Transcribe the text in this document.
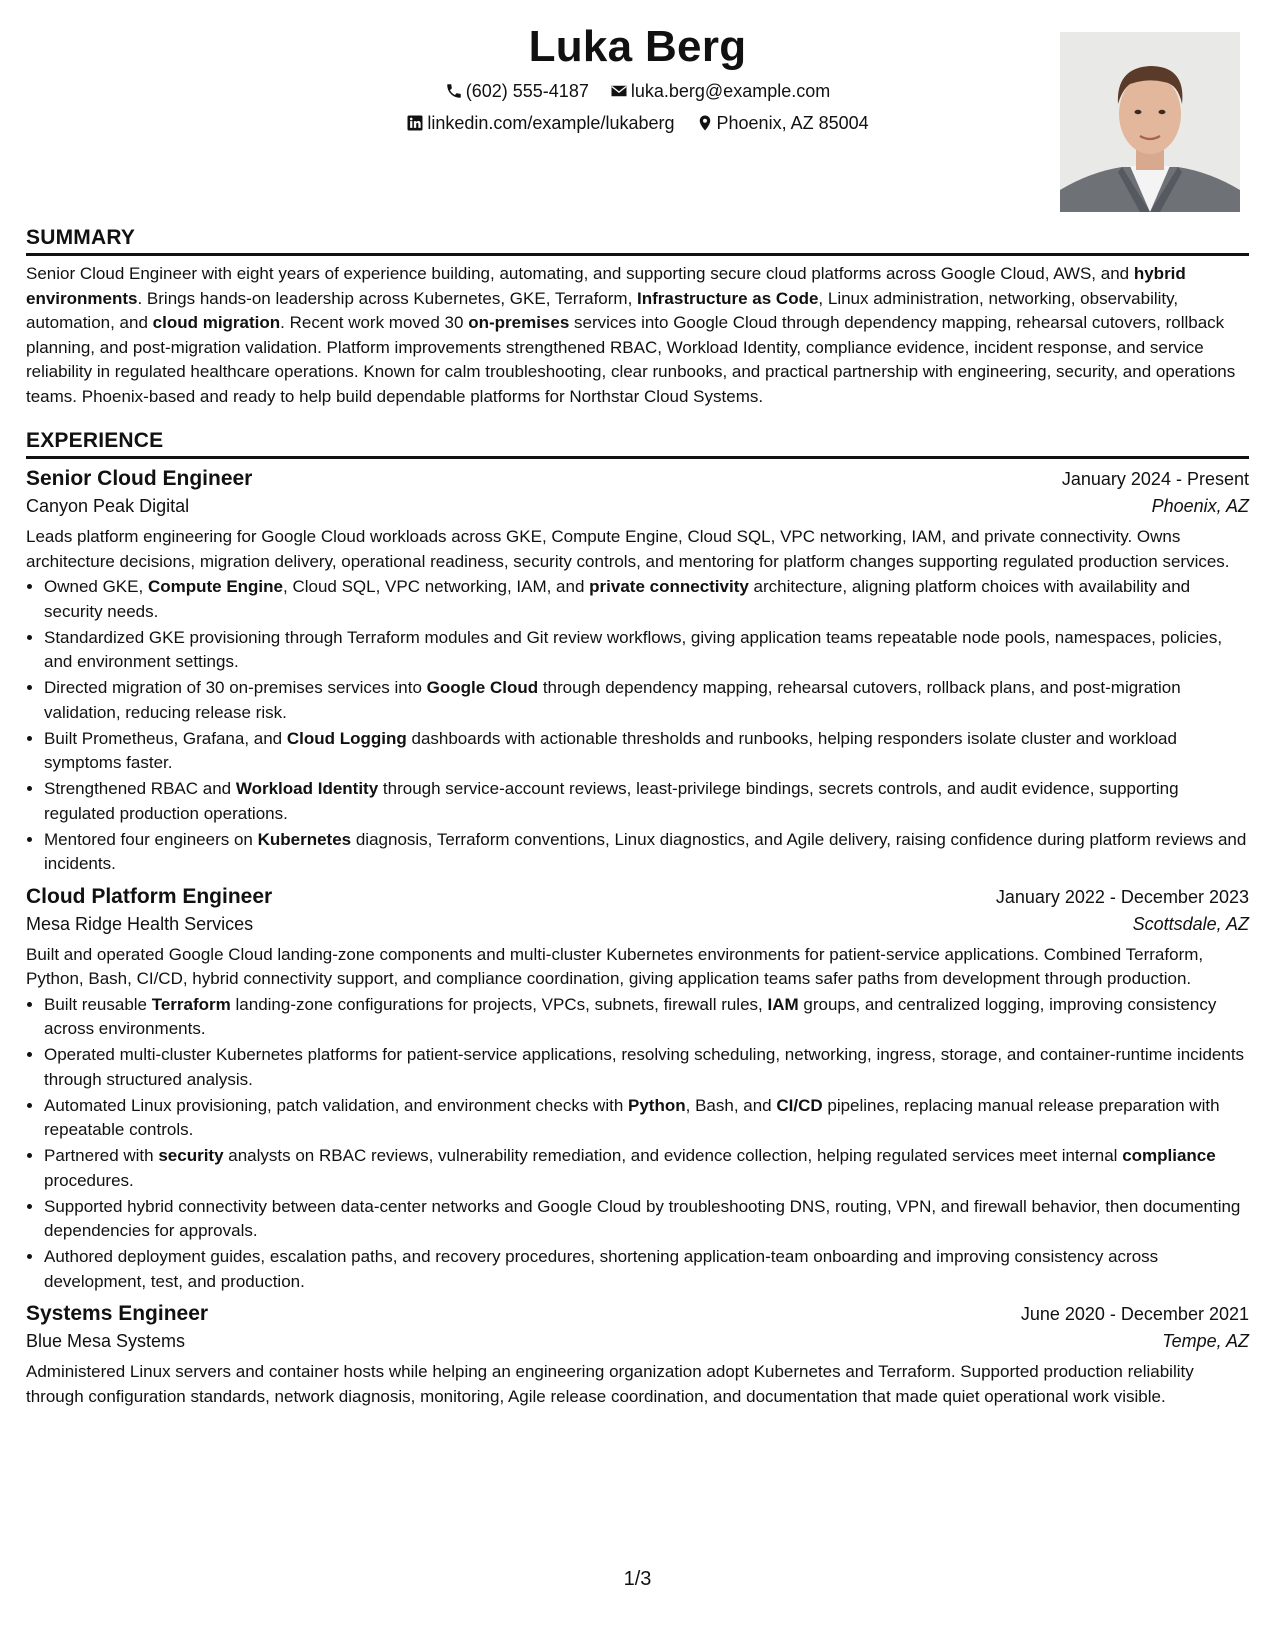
Luka Berg
(602) 555-4187 luka.berg@example.com
linkedin.com/example/lukaberg Phoenix, AZ 85004
SUMMARY

Senior Cloud Engineer with eight years of experience building, automating, and supporting secure cloud platforms across Google Cloud, AWS, and hybrid environments. Brings hands-on leadership across Kubernetes, GKE, Terraform, Infrastructure as Code, Linux administration, networking, observability, automation, and cloud migration. Recent work moved 30 on-premises services into Google Cloud through dependency mapping, rehearsal cutovers, rollback planning, and post-migration validation. Platform improvements strengthened RBAC, Workload Identity, compliance evidence, incident response, and service reliability in regulated healthcare operations. Known for calm troubleshooting, clear runbooks, and practical partnership with engineering, security, and operations teams. Phoenix-based and ready to help build dependable platforms for Northstar Cloud Systems.

EXPERIENCE
Senior Cloud Engineer	January 2024 - Present
Canyon Peak Digital	Phoenix, AZ

Leads platform engineering for Google Cloud workloads across GKE, Compute Engine, Cloud SQL, VPC networking, IAM, and private connectivity. Owns architecture decisions, migration delivery, operational readiness, security controls, and mentoring for platform changes supporting regulated production services.

• Owned GKE, Compute Engine, Cloud SQL, VPC networking, IAM, and private connectivity architecture, aligning platform choices with availability and security needs.
• Standardized GKE provisioning through Terraform modules and Git review workflows, giving application teams repeatable node pools, namespaces, policies, and environment settings.
• Directed migration of 30 on-premises services into Google Cloud through dependency mapping, rehearsal cutovers, rollback plans, and post-migration validation, reducing release risk.
• Built Prometheus, Grafana, and Cloud Logging dashboards with actionable thresholds and runbooks, helping responders isolate cluster and workload symptoms faster.
• Strengthened RBAC and Workload Identity through service-account reviews, least-privilege bindings, secrets controls, and audit evidence, supporting regulated production operations.
• Mentored four engineers on Kubernetes diagnosis, Terraform conventions, Linux diagnostics, and Agile delivery, raising confidence during platform reviews and incidents.
Cloud Platform Engineer	January 2022 - December 2023
Mesa Ridge Health Services	Scottsdale, AZ

Built and operated Google Cloud landing-zone components and multi-cluster Kubernetes environments for patient-service applications. Combined Terraform, Python, Bash, CI/CD, hybrid connectivity support, and compliance coordination, giving application teams safer paths from development through production.

• Built reusable Terraform landing-zone configurations for projects, VPCs, subnets, firewall rules, IAM groups, and centralized logging, improving consistency across environments.
• Operated multi-cluster Kubernetes platforms for patient-service applications, resolving scheduling, networking, ingress, storage, and container-runtime incidents through structured analysis.
• Automated Linux provisioning, patch validation, and environment checks with Python, Bash, and CI/CD pipelines, replacing manual release preparation with repeatable controls.
• Partnered with security analysts on RBAC reviews, vulnerability remediation, and evidence collection, helping regulated services meet internal compliance procedures.
• Supported hybrid connectivity between data-center networks and Google Cloud by troubleshooting DNS, routing, VPN, and firewall behavior, then documenting dependencies for approvals.
• Authored deployment guides, escalation paths, and recovery procedures, shortening application-team onboarding and improving consistency across development, test, and production.
Systems Engineer	June 2020 - December 2021
Blue Mesa Systems	Tempe, AZ

Administered Linux servers and container hosts while helping an engineering organization adopt Kubernetes and Terraform. Supported production reliability through configuration standards, network diagnosis, monitoring, Agile release coordination, and documentation that made quiet operational work visible.

1/3
